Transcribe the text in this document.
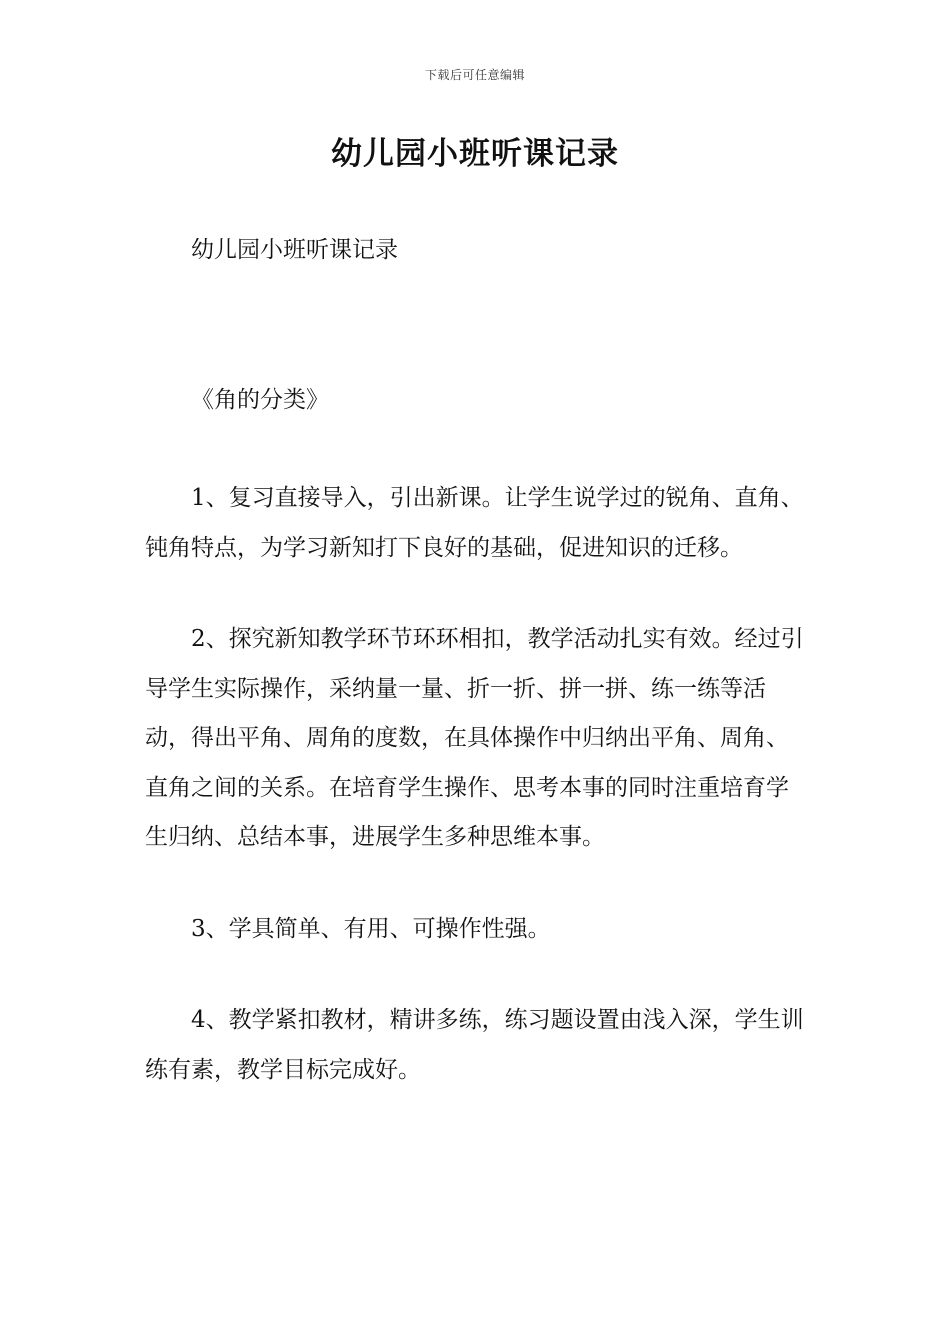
下载后可任意编辑
幼儿园小班听课记录

幼儿园小班听课记录

《角的分类》

1、复习直接导入，引出新课。让学生说学过的锐角、直角、钝角特点，为学习新知打下良好的基础，促进知识的迁移。

2、探究新知教学环节环环相扣，教学活动扎实有效。经过引导学生实际操作，采纳量一量、折一折、拼一拼、练一练等活动，得出平角、周角的度数，在具体操作中归纳出平角、周角、直角之间的关系。在培育学生操作、思考本事的同时注重培育学生归纳、总结本事，进展学生多种思维本事。

3、学具简单、有用、可操作性强。

4、教学紧扣教材，精讲多练，练习题设置由浅入深，学生训练有素，教学目标完成好。
